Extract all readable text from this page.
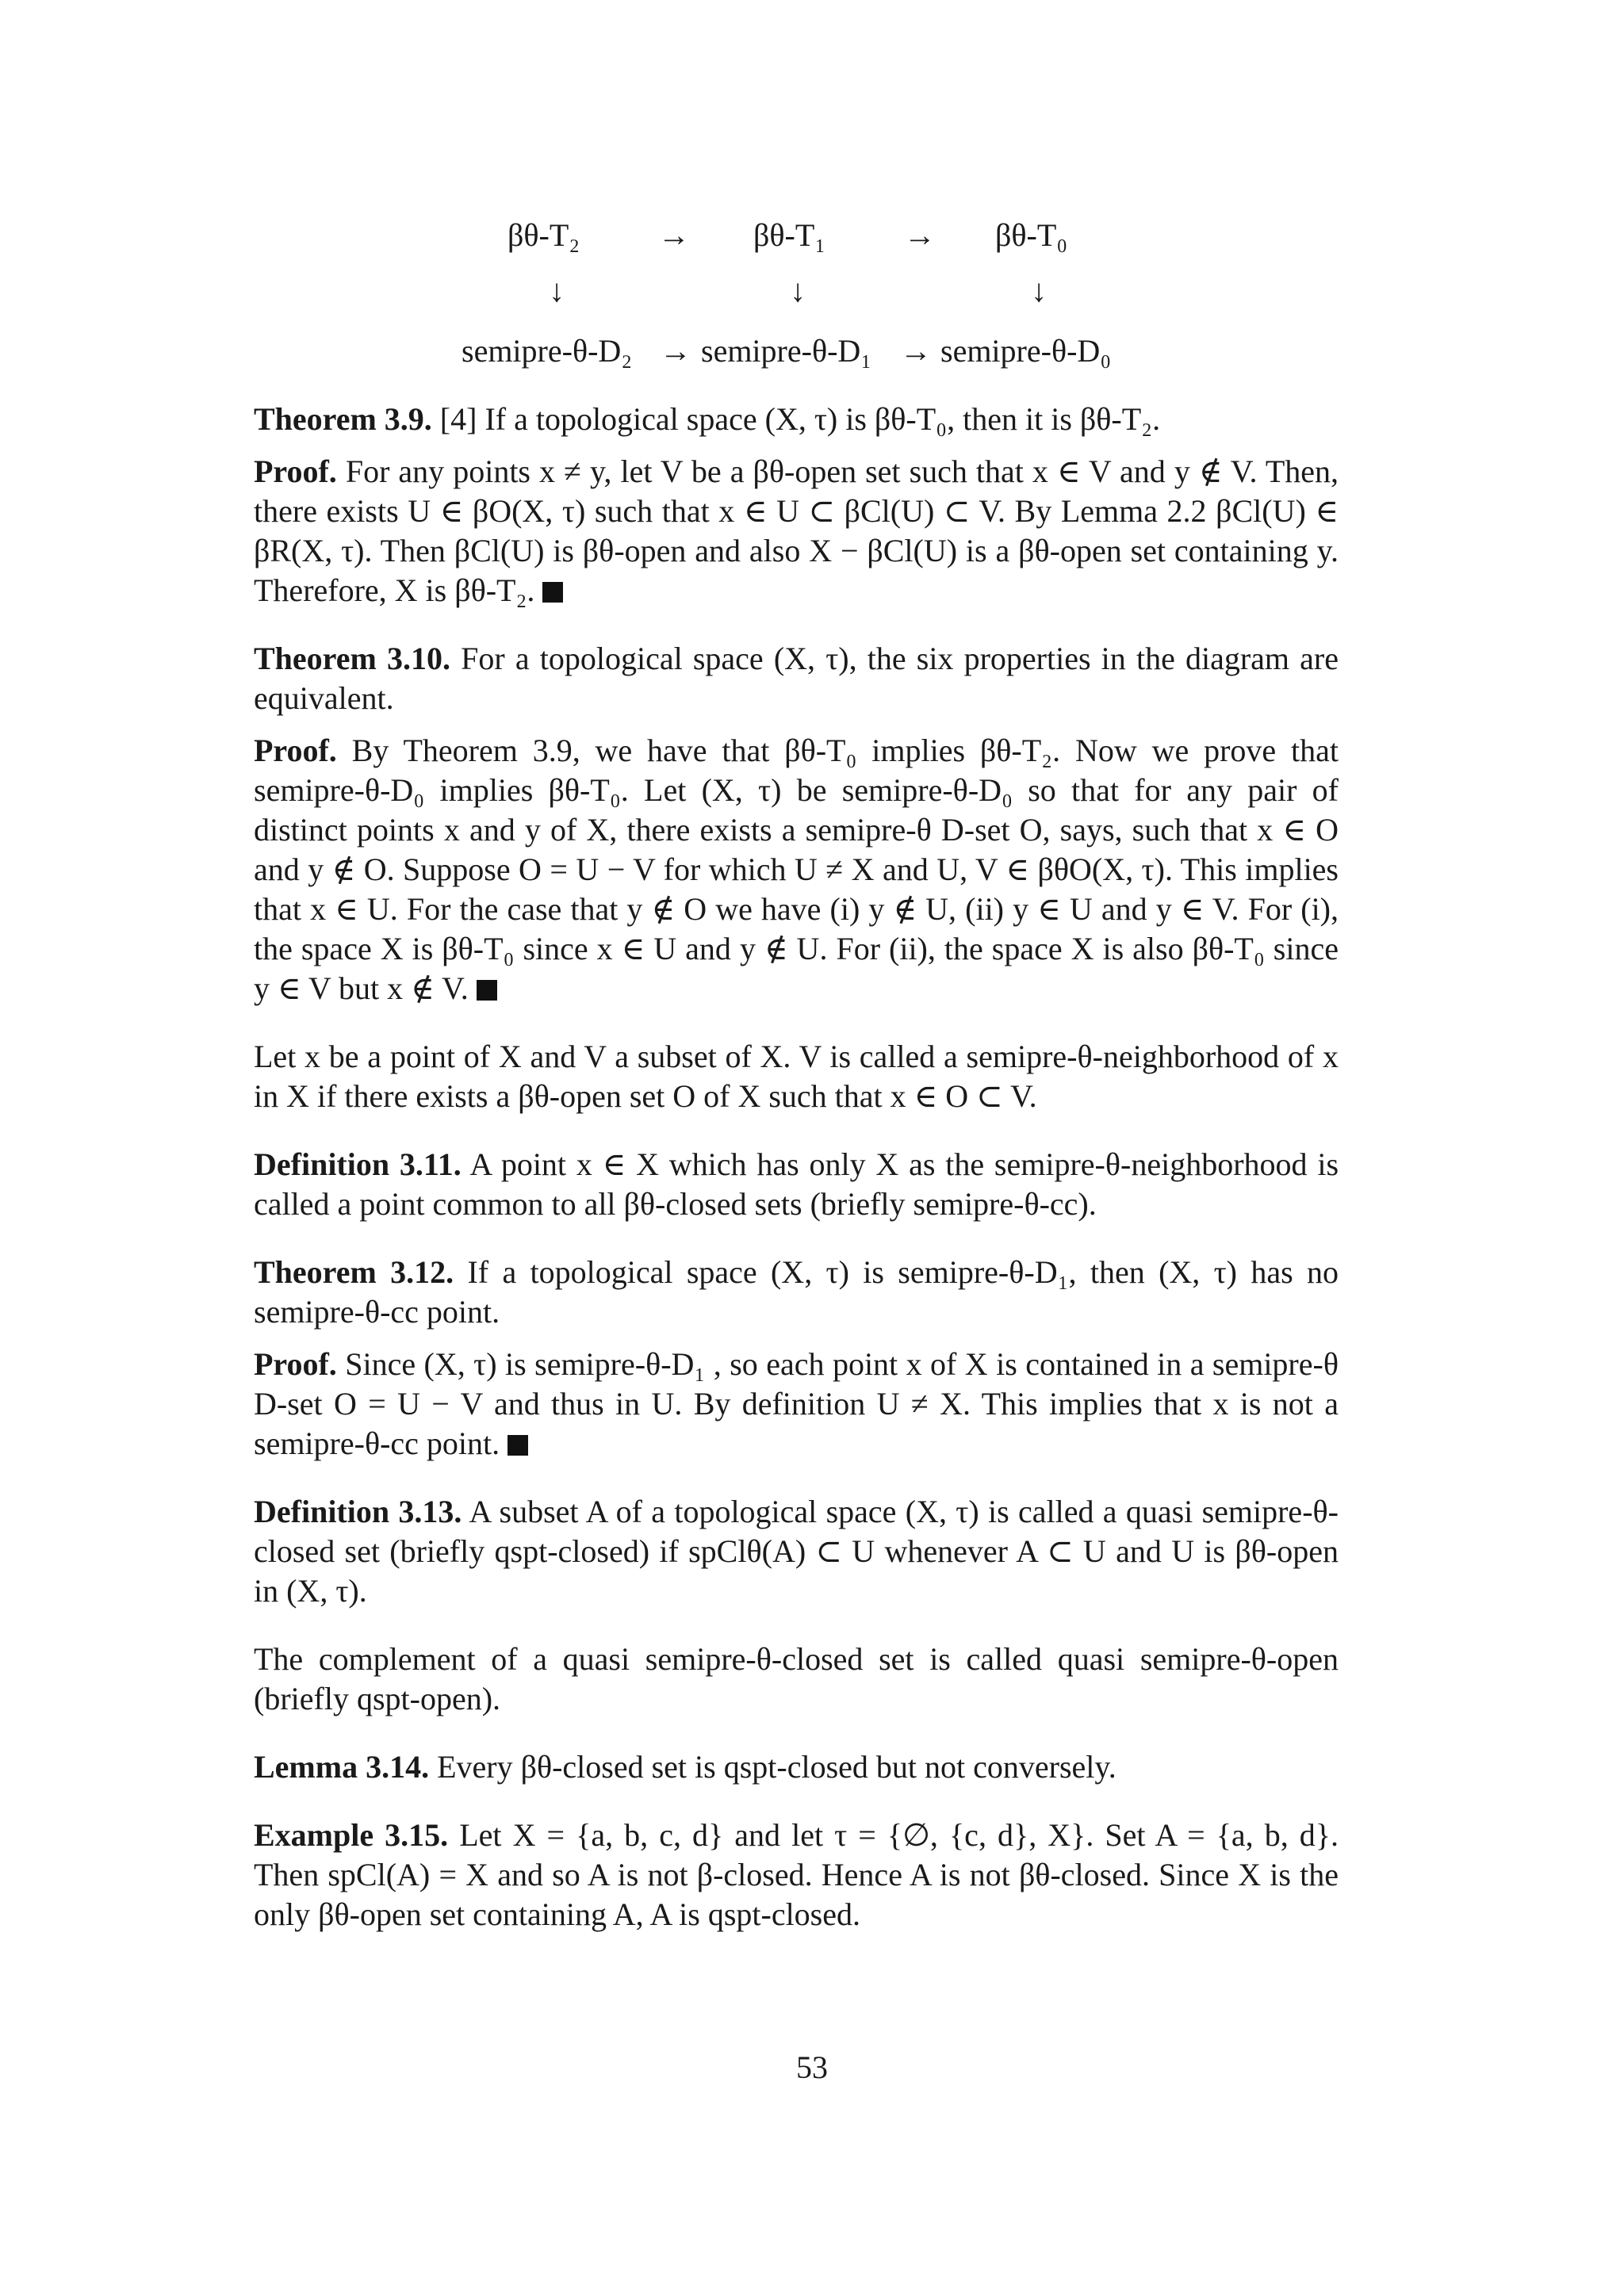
βθ-T₂ → βθ-T₁ → βθ-T₀
↓	↓	↓
semipre-θ-D₂ → semipre-θ-D₁ → semipre-θ-D₀

Theorem 3.9. [4] If a topological space (X, τ) is βθ-T₀, then it is βθ-T₂.

Proof. For any points x ≠ y, let V be a βθ-open set such that x ∈ V and y ∉ V. Then, there exists U ∈ βO(X, τ) such that x ∈ U ⊂ βCl(U) ⊂ V. By Lemma 2.2 βCl(U) ∈ βR(X, τ). Then βCl(U) is βθ-open and also X − βCl(U) is a βθ-open set containing y. Therefore, X is βθ-T₂.

Theorem 3.10. For a topological space (X, τ), the six properties in the diagram are equivalent.

Proof. By Theorem 3.9, we have that βθ-T₀ implies βθ-T₂. Now we prove that semipre-θ-D₀ implies βθ-T₀. Let (X, τ) be semipre-θ-D₀ so that for any pair of distinct points x and y of X, there exists a semipre-θ D-set O, says, such that x ∈ O and y ∉ O. Suppose O = U − V for which U ≠ X and U, V ∈ βθO(X, τ). This implies that x ∈ U. For the case that y ∉ O we have (i) y ∉ U, (ii) y ∈ U and y ∈ V. For (i), the space X is βθ-T₀ since x ∈ U and y ∉ U. For (ii), the space X is also βθ-T₀ since y ∈ V but x ∉ V.

Let x be a point of X and V a subset of X. V is called a semipre-θ-neighborhood of x in X if there exists a βθ-open set O of X such that x ∈ O ⊂ V.

Definition 3.11. A point x ∈ X which has only X as the semipre-θ-neighborhood is called a point common to all βθ-closed sets (briefly semipre-θ-cc).

Theorem 3.12. If a topological space (X, τ) is semipre-θ-D₁, then (X, τ) has no semipre-θ-cc point.

Proof. Since (X, τ) is semipre-θ-D₁ , so each point x of X is contained in a semipre-θ D-set O = U − V and thus in U. By definition U ≠ X. This implies that x is not a semipre-θ-cc point.

Definition 3.13. A subset A of a topological space (X, τ) is called a quasi semipre-θ-closed set (briefly qspt-closed) if spClθ(A) ⊂ U whenever A ⊂ U and U is βθ-open in (X, τ).

The complement of a quasi semipre-θ-closed set is called quasi semipre-θ-open (briefly qspt-open).

Lemma 3.14. Every βθ-closed set is qspt-closed but not conversely.

Example 3.15. Let X = {a, b, c, d} and let τ = {∅, {c, d}, X}. Set A = {a, b, d}. Then spCl(A) = X and so A is not β-closed. Hence A is not βθ-closed. Since X is the only βθ-open set containing A, A is qspt-closed.

53
